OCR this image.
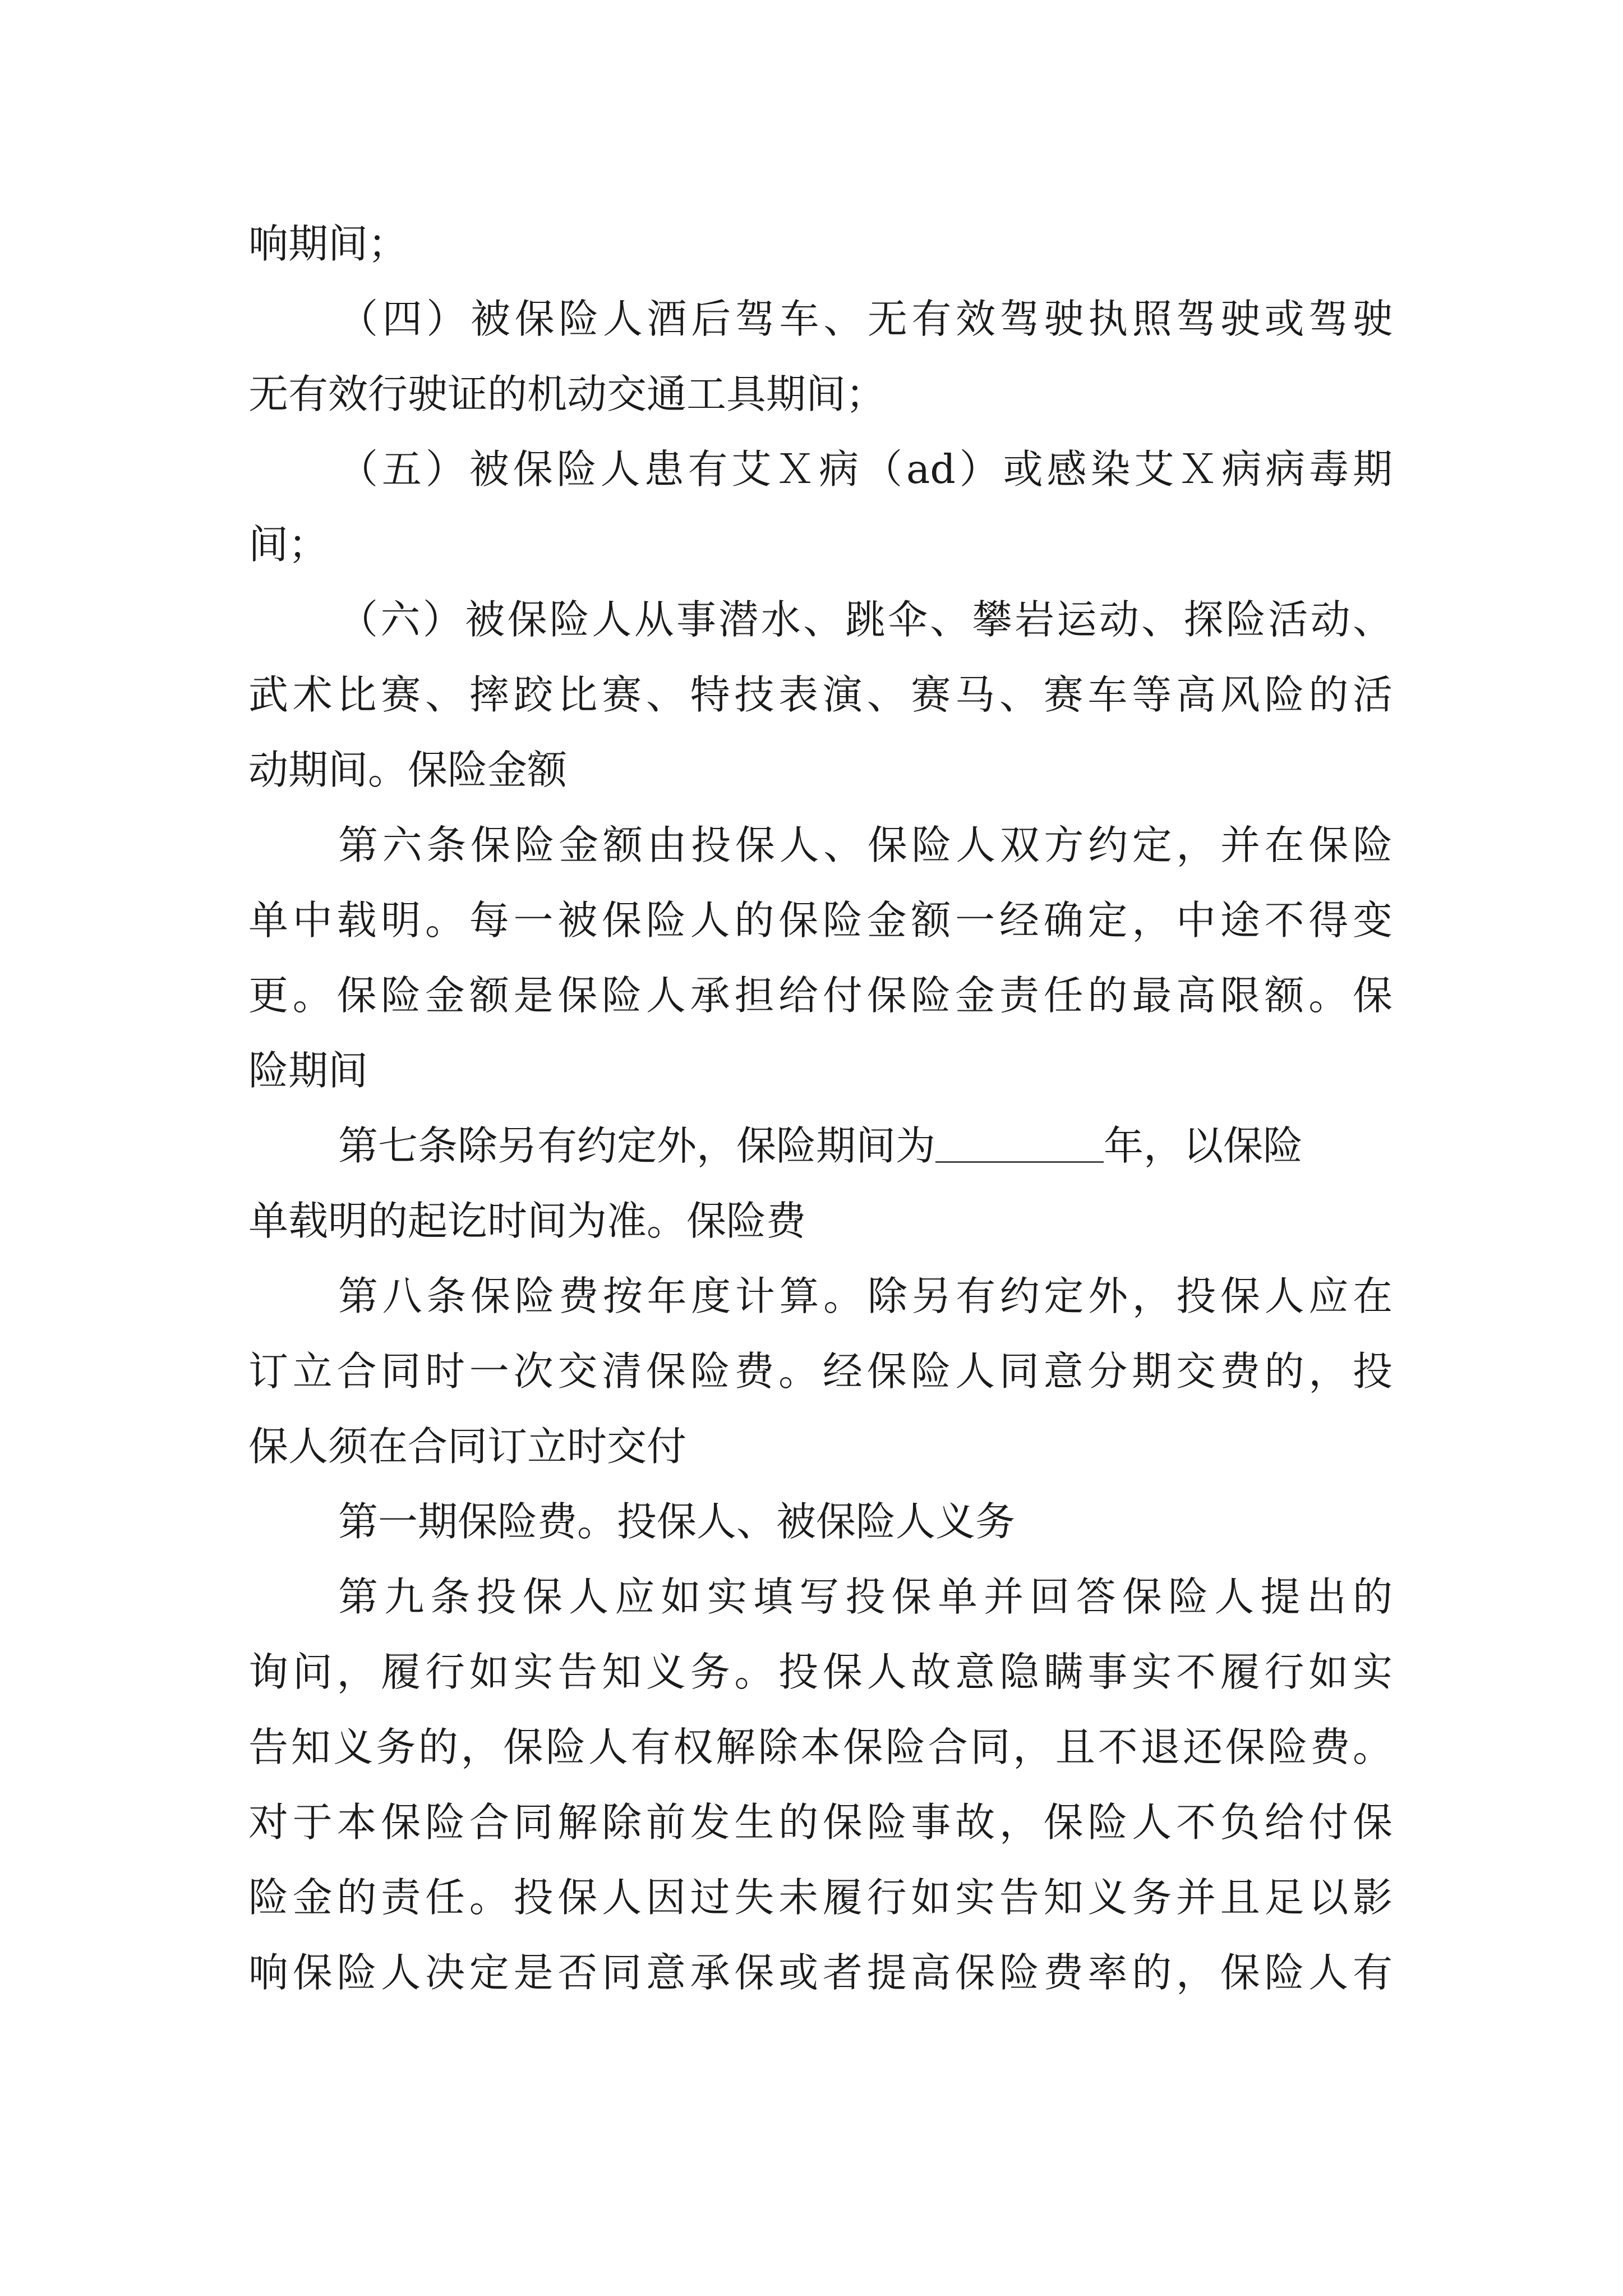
响期间；
（四）被保险人酒后驾车、无有效驾驶执照驾驶或驾驶
无有效行驶证的机动交通工具期间；
（五）被保险人患有艾Ｘ病（ad）或感染艾Ｘ病病毒期
间；
（六）被保险人从事潜水、跳伞、攀岩运动、探险活动、
武术比赛、摔跤比赛、特技表演、赛马、赛车等高风险的活
动期间。保险金额
第六条保险金额由投保人、保险人双方约定，并在保险
单中载明。每一被保险人的保险金额一经确定，中途不得变
更。保险金额是保险人承担给付保险金责任的最高限额。保
险期间
第七条除另有约定外，保险期间为	年，以保险
单载明的起讫时间为准。保险费
第八条保险费按年度计算。除另有约定外，投保人应在
订立合同时一次交清保险费。经保险人同意分期交费的，投
保人须在合同订立时交付
第一期保险费。投保人、被保险人义务
第九条投保人应如实填写投保单并回答保险人提出的
询问，履行如实告知义务。投保人故意隐瞒事实不履行如实
告知义务的，保险人有权解除本保险合同，且不退还保险费。
对于本保险合同解除前发生的保险事故，保险人不负给付保
险金的责任。投保人因过失未履行如实告知义务并且足以影
响保险人决定是否同意承保或者提高保险费率的，保险人有
